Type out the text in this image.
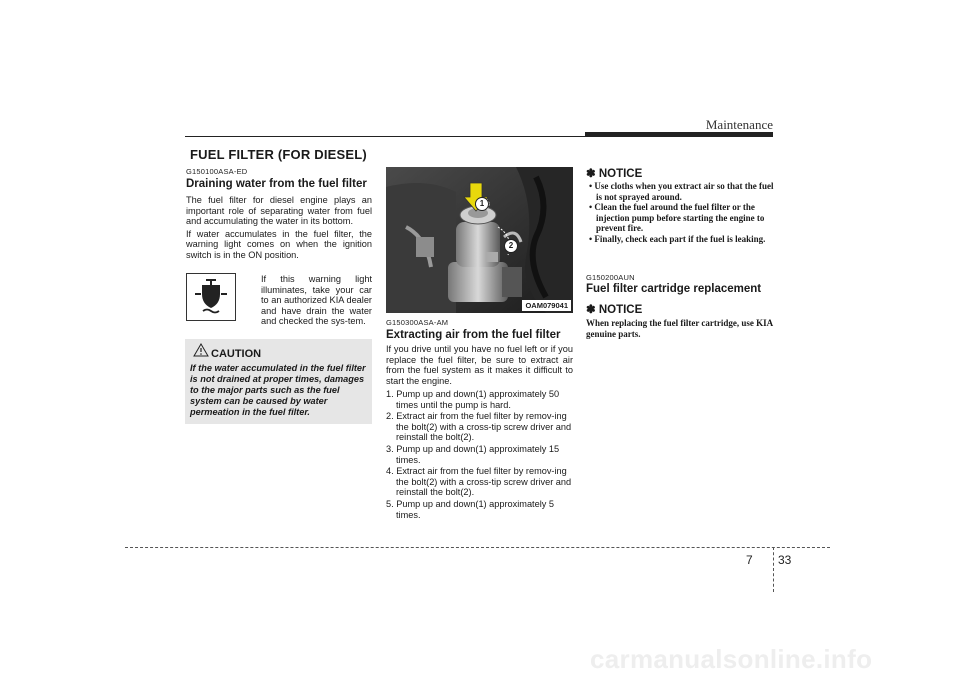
Maintenance
FUEL FILTER (FOR DIESEL)
G150100ASA-ED
Draining water from the fuel filter

The fuel filter for diesel engine plays an important role of separating water from fuel and accumulating the water in its bottom.

If water accumulates in the fuel filter, the warning light comes on when the ignition switch is in the ON position.

If this warning light illuminates, take your car to an authorized KIA dealer and have drain the water and checked the sys-tem.
CAUTION
If the water accumulated in the fuel filter is not drained at proper times, damages to the major parts such as the fuel system can be caused by water permeation in the fuel filter.
1
2
OAM079041
G150300ASA-AM
Extracting air from the fuel filter
If you drive until you have no fuel left or if you replace the fuel filter, be sure to extract air from the fuel system as it makes it difficult to start the engine.
1. Pump up and down(1) approximately 50 times until the pump is hard.
2. Extract air from the fuel filter by remov-ing the bolt(2) with a cross-tip screw driver and reinstall the bolt(2).
3. Pump up and down(1) approximately 15 times.
4. Extract air from the fuel filter by remov-ing the bolt(2) with a cross-tip screw driver and reinstall the bolt(2).
5. Pump up and down(1) approximately 5 times.
✽ NOTICE
• Use cloths when you extract air so that the fuel is not sprayed around.
• Clean the fuel around the fuel filter or the injection pump before starting the engine to prevent fire.
• Finally, check each part if the fuel is leaking.
G150200AUN
Fuel filter cartridge replacement
✽ NOTICE
When replacing the fuel filter cartridge, use KIA genuine parts.
7 33
carmanualsonline.info
